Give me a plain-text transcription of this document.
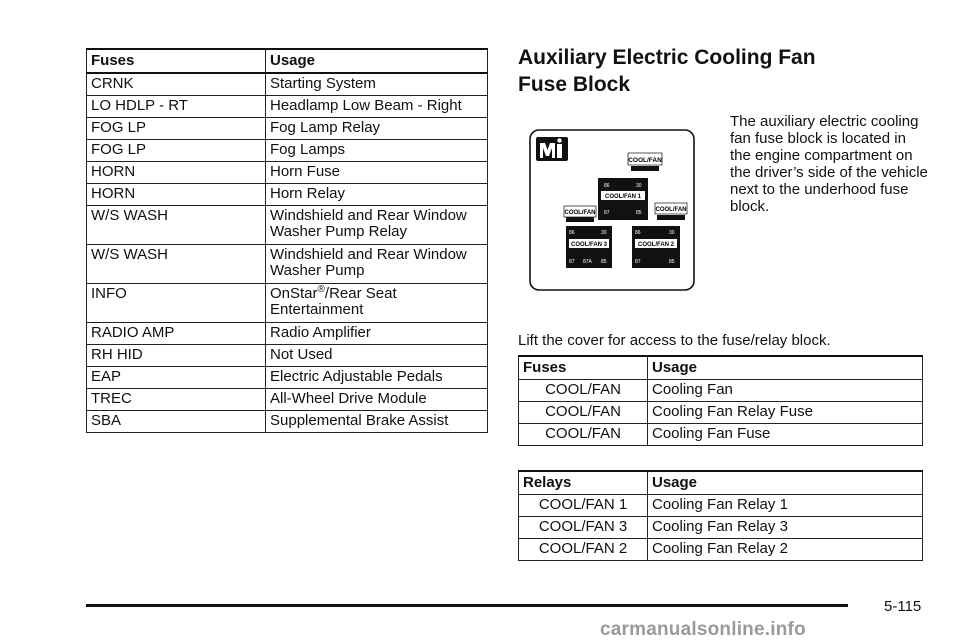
Fuses	Usage
CRNK	Starting System
LO HDLP - RT	Headlamp Low Beam - Right
FOG LP	Fog Lamp Relay
FOG LP	Fog Lamps
HORN	Horn Fuse
HORN	Horn Relay
W/S WASH	Windshield and Rear Window Washer Pump Relay
W/S WASH	Windshield and Rear Window Washer Pump
INFO	OnStar®/Rear Seat Entertainment
RADIO AMP	Radio Amplifier
RH HID	Not Used
EAP	Electric Adjustable Pedals
TREC	All-Wheel Drive Module
SBA	Supplemental Brake Assist
Auxiliary Electric Cooling Fan
Fuse Block
COOL/FAN
COOL/FAN
COOL/FAN
COOL/FAN 1
86	30
87	85
COOL/FAN 3
86	30
87 87A 85
COOL/FAN 2
86	30
87	85
The auxiliary electric cooling fan fuse block is located in the engine compartment on the driver’s side of the vehicle next to the underhood fuse block.
Lift the cover for access to the fuse/relay block.
Fuses	Usage
COOL/FAN	Cooling Fan
COOL/FAN	Cooling Fan Relay Fuse
COOL/FAN	Cooling Fan Fuse
Relays	Usage
COOL/FAN 1	Cooling Fan Relay 1
COOL/FAN 3	Cooling Fan Relay 3
COOL/FAN 2	Cooling Fan Relay 2
5-115
carmanualsonline.info
